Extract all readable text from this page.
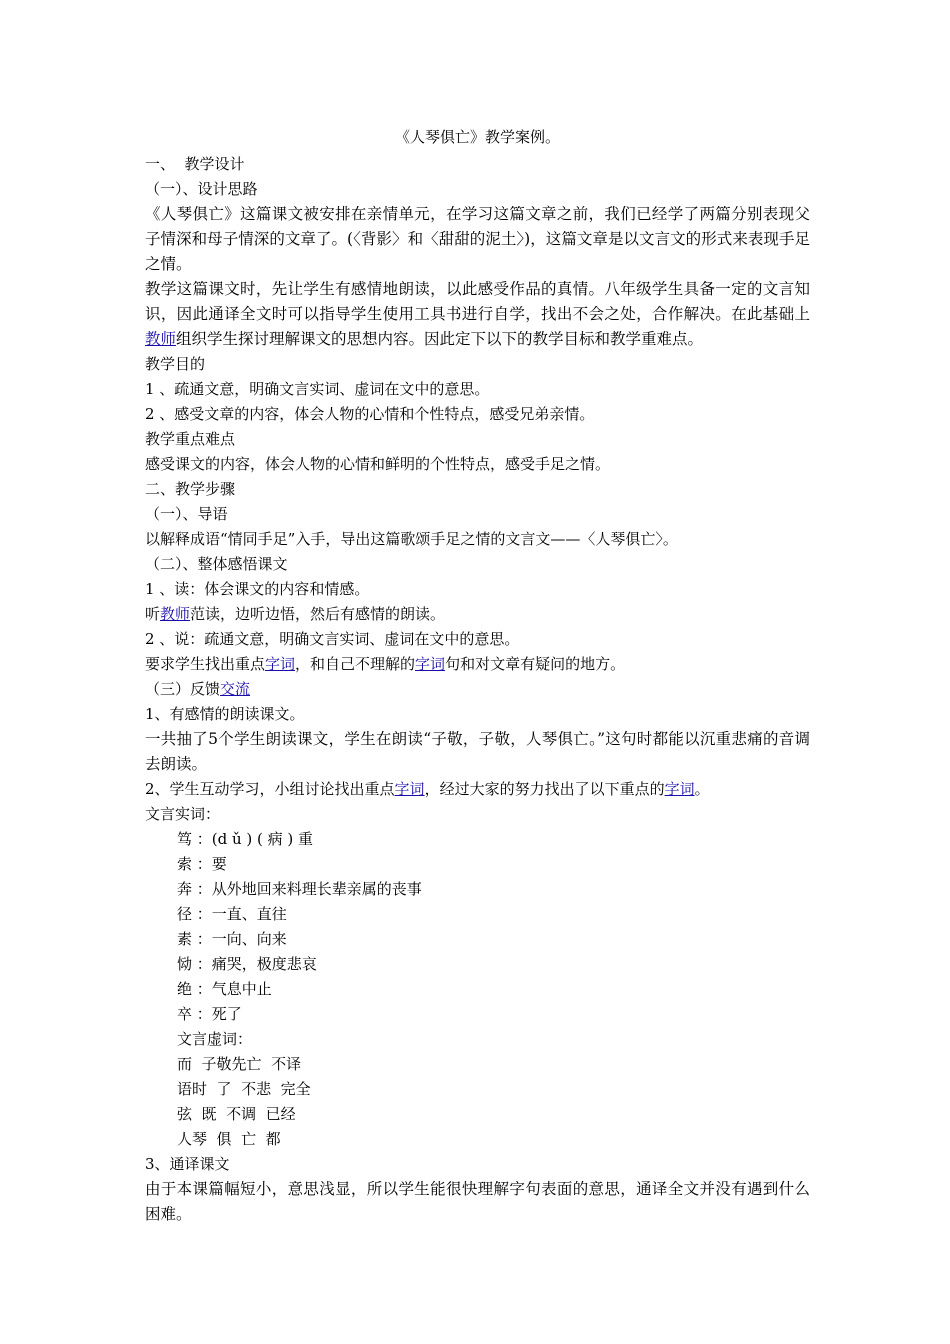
《人琴俱亡》教学案例。
一、  教学设计
（一）、设计思路
《人琴俱亡》这篇课文被安排在亲情单元，在学习这篇文章之前，我们已经学了两篇分别表现父子情深和母子情深的文章了。(〈背影〉和〈甜甜的泥土〉)，这篇文章是以文言文的形式来表现手足之情。
教学这篇课文时，先让学生有感情地朗读，以此感受作品的真情。八年级学生具备一定的文言知识，因此通译全文时可以指导学生使用工具书进行自学，找出不会之处，合作解决。在此基础上教师组织学生探讨理解课文的思想内容。因此定下以下的教学目标和教学重难点。
教学目的
1 、疏通文意，明确文言实词、虚词在文中的意思。
2 、感受文章的内容，体会人物的心情和个性特点，感受兄弟亲情。
教学重点难点
感受课文的内容，体会人物的心情和鲜明的个性特点，感受手足之情。
二、教学步骤
（一）、导语
以解释成语“情同手足”入手，导出这篇歌颂手足之情的文言文——〈人琴俱亡〉。
（二）、整体感悟课文
1 、读：体会课文的内容和情感。
听教师范读，边听边悟，然后有感情的朗读。
2 、说：疏通文意，明确文言实词、虚词在文中的意思。
要求学生找出重点字词，和自己不理解的字词句和对文章有疑问的地方。
（三）反馈交流
1、有感情的朗读课文。
一共抽了5个学生朗读课文，学生在朗读“子敬，子敬，人琴俱亡。”这句时都能以沉重悲痛的音调去朗读。
2、学生互动学习，小组讨论找出重点字词，经过大家的努力找出了以下重点的字词。
文言实词：
笃 ：(d ǔ ) ( 病 ) 重
索 ：要
奔 ：从外地回来料理长辈亲属的丧事
径 ：一直、直往
素 ：一向、向来
恸 ：痛哭，极度悲哀
绝 ：气息中止
卒 ：死了
文言虚词：
而  子敬先亡  不译
语时  了  不悲  完全
弦  既  不调  已经
人琴  俱  亡  都
3、通译课文
由于本课篇幅短小，意思浅显，所以学生能很快理解字句表面的意思，通译全文并没有遇到什么困难。
